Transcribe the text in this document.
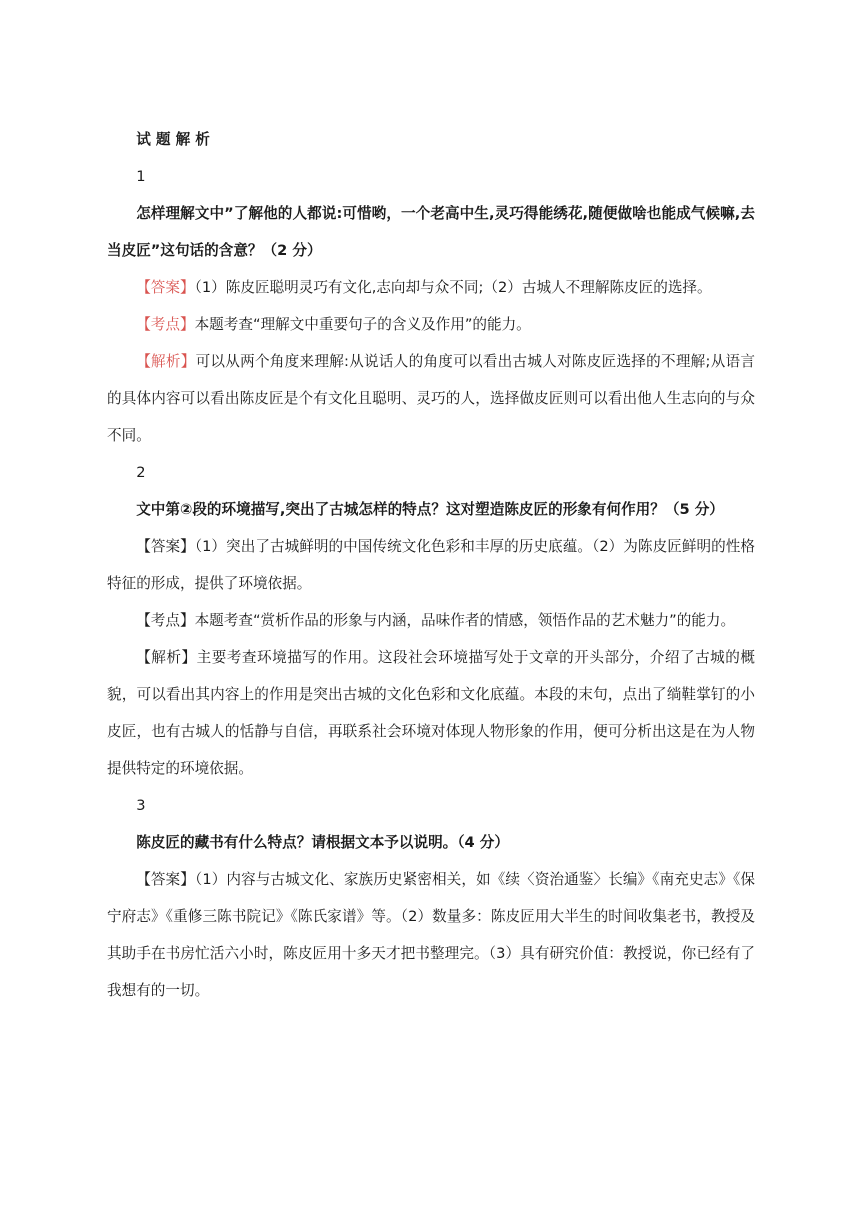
试题解析

1

怎样理解文中”了解他的人都说:可惜哟，一个老高中生,灵巧得能绣花,随便做啥也能成气候嘛,去当皮匠”这句话的含意？（2 分）

【答案】（1）陈皮匠聪明灵巧有文化,志向却与众不同;（2）古城人不理解陈皮匠的选择。

【考点】本题考查“理解文中重要句子的含义及作用”的能力。

【解析】可以从两个角度来理解:从说话人的角度可以看出古城人对陈皮匠选择的不理解;从语言的具体内容可以看出陈皮匠是个有文化且聪明、灵巧的人，选择做皮匠则可以看出他人生志向的与众不同。

2

文中第②段的环境描写,突出了古城怎样的特点？这对塑造陈皮匠的形象有何作用？（5 分）

【答案】（1）突出了古城鲜明的中国传统文化色彩和丰厚的历史底蕴。（2）为陈皮匠鲜明的性格特征的形成，提供了环境依据。

【考点】本题考查“赏析作品的形象与内涵，品味作者的情感，领悟作品的艺术魅力”的能力。

【解析】主要考查环境描写的作用。这段社会环境描写处于文章的开头部分，介绍了古城的概貌，可以看出其内容上的作用是突出古城的文化色彩和文化底蕴。本段的末句，点出了绱鞋掌钉的小皮匠，也有古城人的恬静与自信，再联系社会环境对体现人物形象的作用，便可分析出这是在为人物提供特定的环境依据。

3

陈皮匠的藏书有什么特点？请根据文本予以说明。（4 分）

【答案】（1）内容与古城文化、家族历史紧密相关，如《续〈资治通鉴〉长编》《南充史志》《保宁府志》《重修三陈书院记》《陈氏家谱》等。（2）数量多：陈皮匠用大半生的时间收集老书，教授及其助手在书房忙活六小时，陈皮匠用十多天才把书整理完。（3）具有研究价值：教授说，你已经有了我想有的一切。
